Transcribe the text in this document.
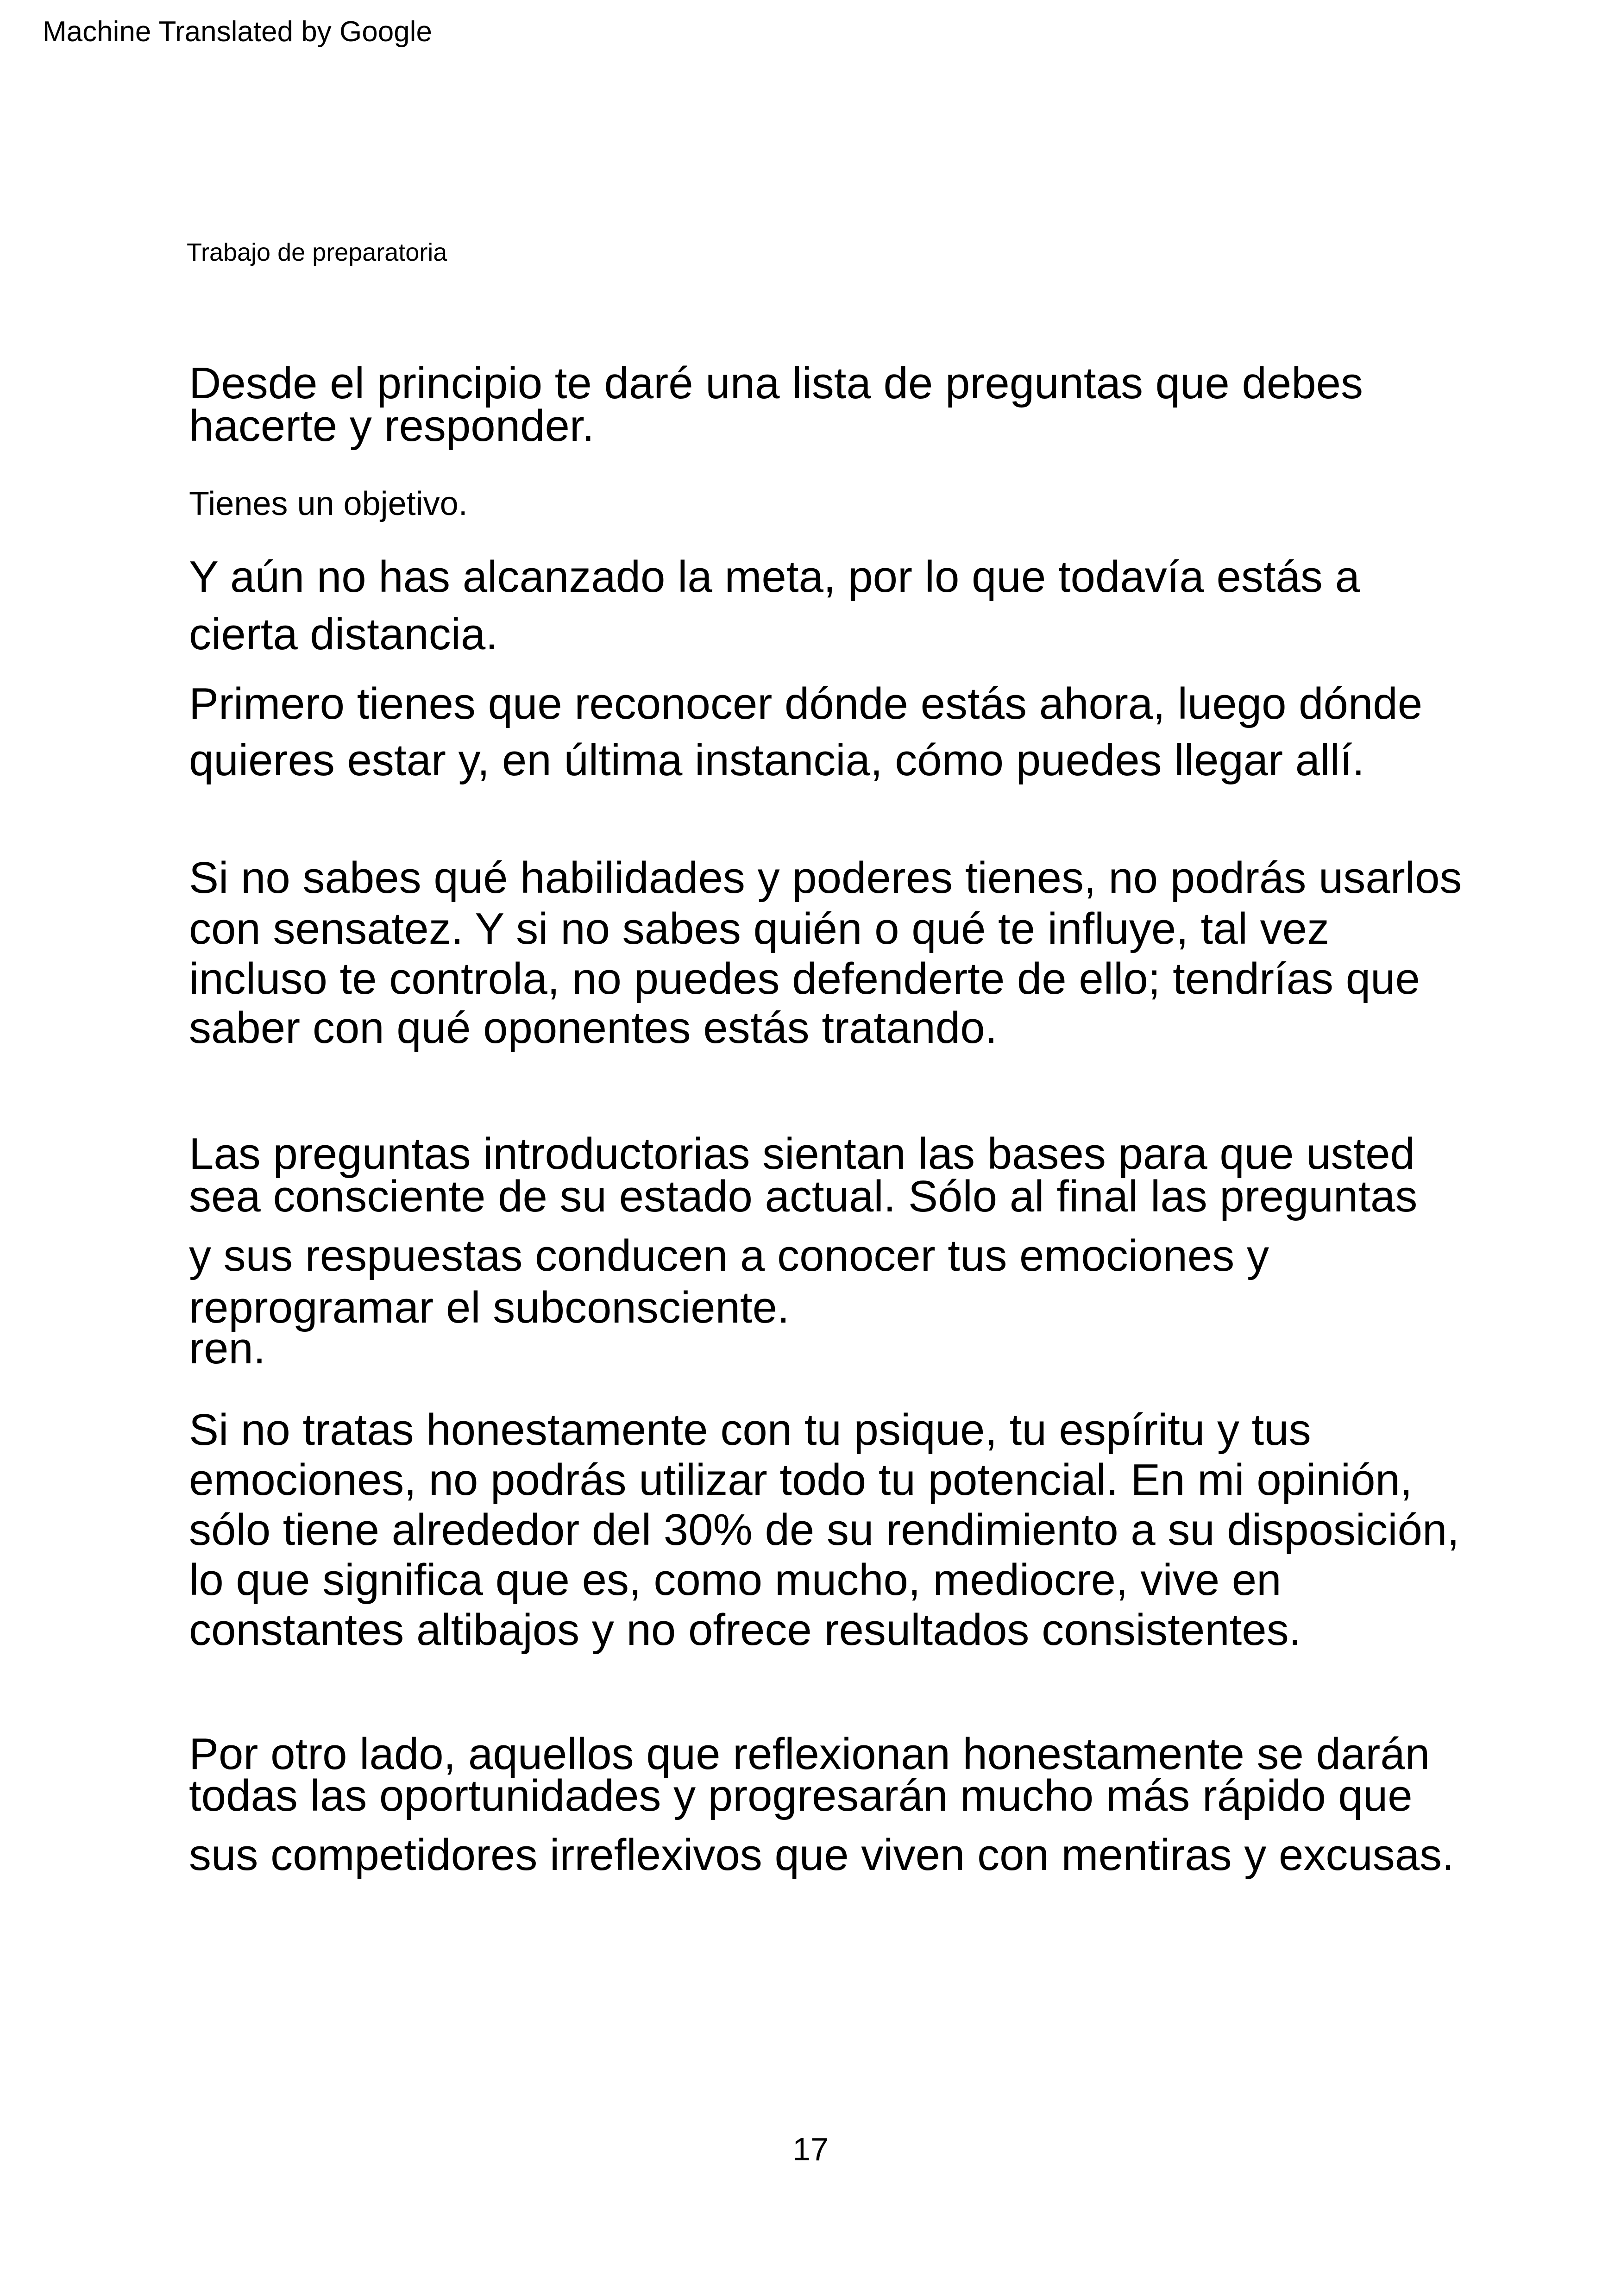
Machine Translated by Google
Trabajo de preparatoria
Desde el principio te daré una lista de preguntas que debes
hacerte y responder.
Tienes un objetivo.
Y aún no has alcanzado la meta, por lo que todavía estás a
cierta distancia.
Primero tienes que reconocer dónde estás ahora, luego dónde
quieres estar y, en última instancia, cómo puedes llegar allí.
Si no sabes qué habilidades y poderes tienes, no podrás usarlos
con sensatez. Y si no sabes quién o qué te influye, tal vez
incluso te controla, no puedes defenderte de ello; tendrías que
saber con qué oponentes estás tratando.
Las preguntas introductorias sientan las bases para que usted
sea consciente de su estado actual. Sólo al final las preguntas
y sus respuestas conducen a conocer tus emociones y
reprogramar el subconsciente.
ren.
Si no tratas honestamente con tu psique, tu espíritu y tus
emociones, no podrás utilizar todo tu potencial. En mi opinión,
sólo tiene alrededor del 30% de su rendimiento a su disposición,
lo que significa que es, como mucho, mediocre, vive en
constantes altibajos y no ofrece resultados consistentes.
Por otro lado, aquellos que reflexionan honestamente se darán
todas las oportunidades y progresarán mucho más rápido que
sus competidores irreflexivos que viven con mentiras y excusas.
17
